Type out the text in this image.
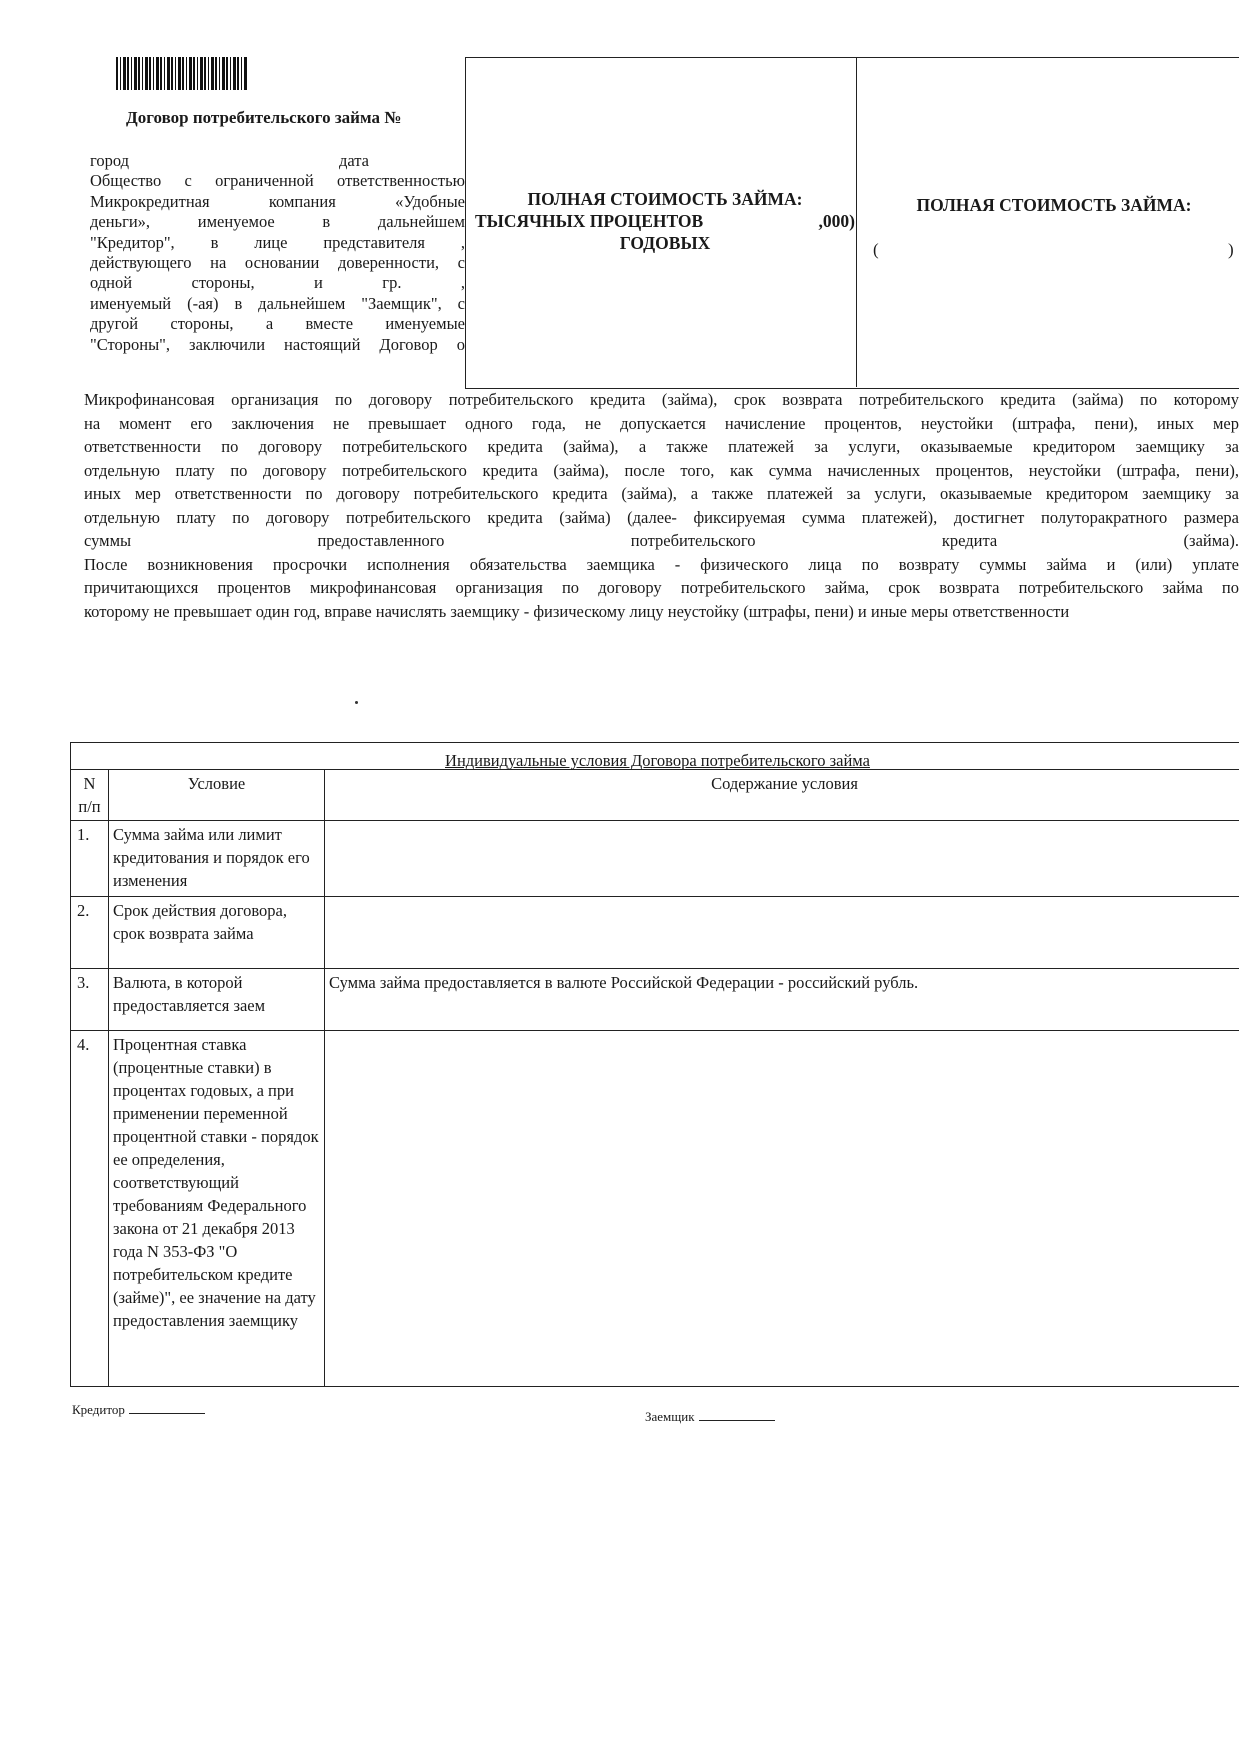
Договор потребительского займа №
город	дата
Общество с ограниченной ответственностью
Микрокредитная компания «Удобные
деньги», именуемое в дальнейшем
"Кредитор", в лице представителя ,
действующего на основании доверенности, с
одной стороны, и гр. ,
именуемый (-ая) в дальнейшем "Заемщик", с
другой стороны, а вместе именуемые
"Стороны", заключили настоящий Договор о
ПОЛНАЯ СТОИМОСТЬ ЗАЙМА:
ТЫСЯЧНЫХ ПРОЦЕНТОВ	,000)
ГОДОВЫХ
ПОЛНАЯ СТОИМОСТЬ ЗАЙМА:
(	)
Микрофинансовая организация по договору потребительского кредита (займа), срок возврата потребительского кредита (займа) по которому
на момент его заключения не превышает одного года, не допускается начисление процентов, неустойки (штрафа, пени), иных мер
ответственности по договору потребительского кредита (займа), а также платежей за услуги, оказываемые кредитором заемщику за
отдельную плату по договору потребительского кредита (займа), после того, как сумма начисленных процентов, неустойки (штрафа, пени),
иных мер ответственности по договору потребительского кредита (займа), а также платежей за услуги, оказываемые кредитором заемщику за
отдельную плату по договору потребительского кредита (займа) (далее- фиксируемая сумма платежей), достигнет полуторакратного размера
суммы предоставленного потребительского кредита (займа).
После возникновения просрочки исполнения обязательства заемщика - физического лица по возврату суммы займа и (или) уплате
причитающихся процентов микрофинансовая организация по договору потребительского займа, срок возврата потребительского займа по
которому не превышает один год, вправе начислять заемщику - физическому лицу неустойку (штрафы, пени) и иные меры ответственности
Индивидуальные условия Договора потребительского займа		
N п/п	Условие	Содержание условия
1.	Сумма займа или лимит кредитования и порядок его изменения	
2.	Срок действия договора, срок возврата займа	
3.	Валюта, в которой предоставляется заем	Сумма займа предоставляется в валюте Российской Федерации - российский рубль.
4.	Процентная ставка (процентные ставки) в процентах годовых, а при применении переменной процентной ставки - порядок ее определения, соответствующий требованиям Федерального закона от 21 декабря 2013 года N 353-ФЗ "О потребительском кредите (займе)", ее значение на дату предоставления заемщику	
Кредитор	Заемщик
